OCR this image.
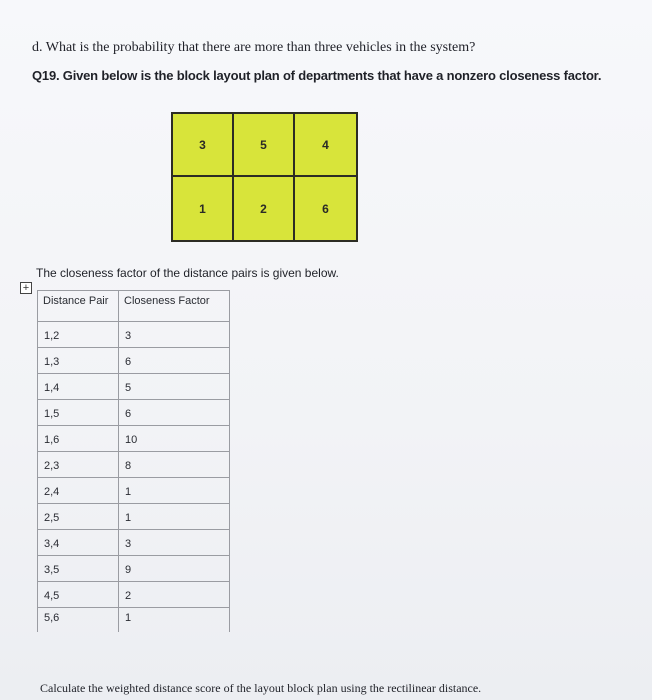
d. What is the probability that there are more than three vehicles in the system?
Q19. Given below is the block layout plan of departments that have a nonzero closeness factor.
3	5	4
1	2	6
The closeness factor of the distance pairs is given below.
+
Distance Pair	Closeness Factor
1,2	3
1,3	6
1,4	5
1,5	6
1,6	10
2,3	8
2,4	1
2,5	1
3,4	3
3,5	9
4,5	2
5,6	1
Calculate the weighted distance score of the layout block plan using the rectilinear distance.
